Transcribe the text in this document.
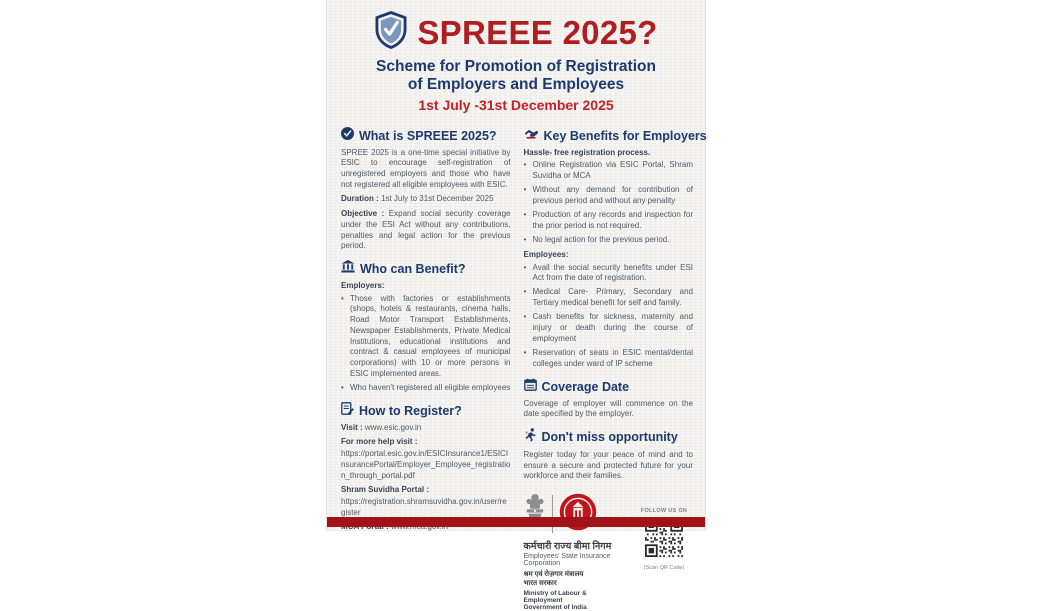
SPREEE 2025?
Scheme for Promotion of Registration
of Employers and Employees
1st July -31st December 2025
What is SPREEE 2025?

SPREE 2025 is a one-time special initiative by ESIC to encourage self-registration of unregistered employers and those who have not registered all eligible employees with ESIC.

Duration : 1st July to 31st December 2025

Objective : Expand social security coverage under the ESI Act without any contributions, penalties and legal action for the previous period.

Who can Benefit?

Employers:

• Those with factories or establishments (shops, hotels & restaurants, cinema halls, Road Motor Transport Establishments, Newspaper Establishments, Private Medical Institutions, educational institutions and contract & casual employees of municipal corporations) with 10 or more persons in ESIC implemented areas.
• Who haven't registered all eligible employees
How to Register?

Visit : www.esic.gov.in

For more help visit :

https://portal.esic.gov.in/ESICInsurance1/ESICInsurancePortal/Employer_Employee_registration_through_portal.pdf

Shram Suvidha Portal :

https://registration.shramsuvidha.gov.in/user/register

Key Benefits for Employers

Hassle- free registration process.

• Online Registration via ESIC Portal, Shram Suvidha or MCA
• Without any demand for contribution of previous period and without any penality
• Production of any records and inspection for the prior period is not required.
• No legal action for the previous period.

Employees:

• Avail the social security benefits under ESI Act from the date of registration.
• Medical Care- Primary, Secondary and Tertiary medical benefit for self and family.
• Cash benefits for sickness, maternity and injury or death during the course of employment
• Reservation of seats in ESIC mental/dental colleges under ward of IP scheme
Coverage Date

Coverage of employer will commence on the date specified by the employer.

Don't miss opportunity

Register today for your peace of mind and to ensure a secure and protected future for your workforce and their families.

कर्मचारी राज्य बीमा निगम
Employees' State Insurance Corporation
श्रम एवं रोज़गार मंत्रालय
भारत सरकार
Ministry of Labour & Employment
Government of India
FOLLOW US ON
(Scan QR Code)
